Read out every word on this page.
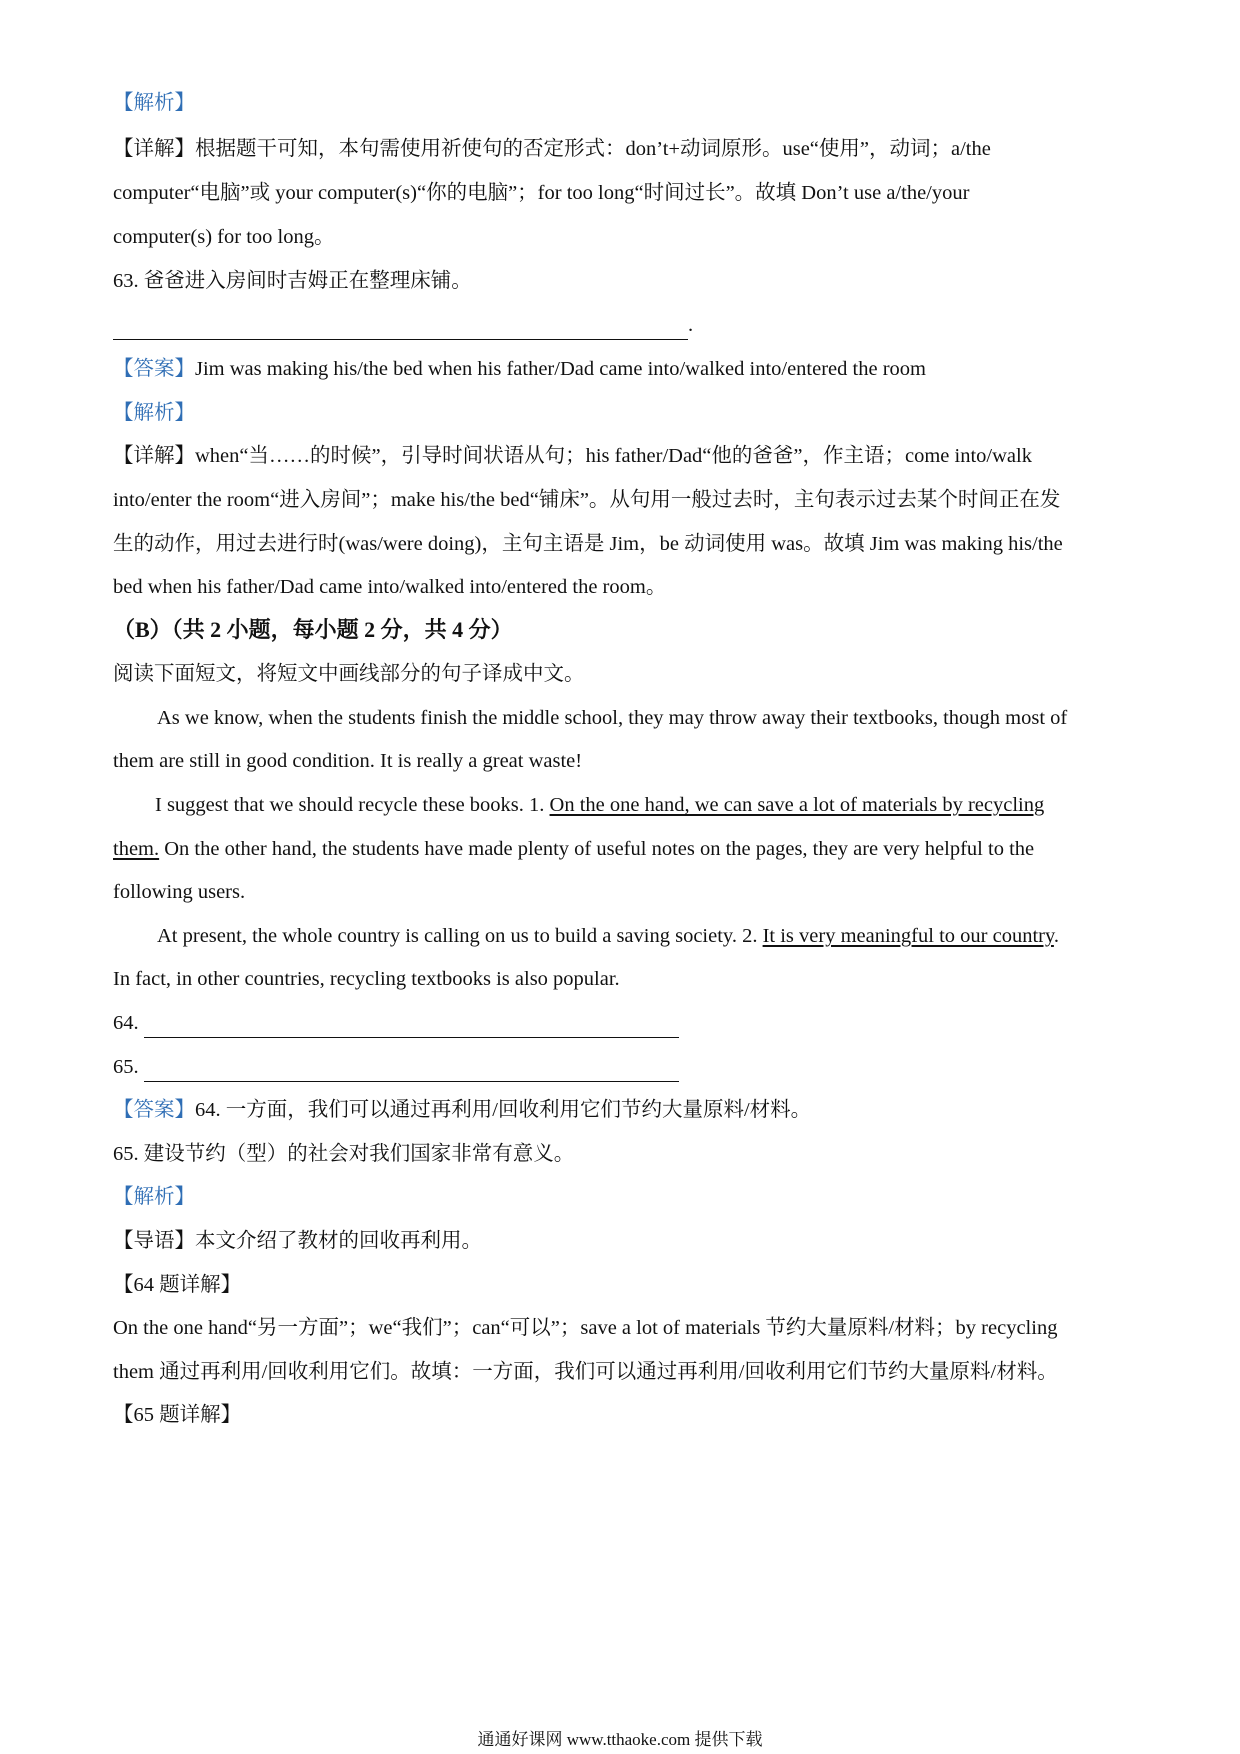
【解析】
【详解】根据题干可知，本句需使用祈使句的否定形式：don’t+动词原形。use“使用”，动词；a/the
computer“电脑”或 your computer(s)“你的电脑”；for too long“时间过长”。故填 Don’t use a/the/your
computer(s) for too long。
63. 爸爸进入房间时吉姆正在整理床铺。
.
【答案】Jim was making his/the bed when his father/Dad came into/walked into/entered the room
【解析】
【详解】when“当……的时候”，引导时间状语从句；his father/Dad“他的爸爸”，作主语；come into/walk
into/enter the room“进入房间”；make his/the bed“铺床”。从句用一般过去时，主句表示过去某个时间正在发
生的动作，用过去进行时(was/were doing)，主句主语是 Jim，be 动词使用 was。故填 Jim was making his/the
bed when his father/Dad came into/walked into/entered the room。
（B）（共 2 小题，每小题 2 分，共 4 分）
阅读下面短文，将短文中画线部分的句子译成中文。
As we know, when the students finish the middle school, they may throw away their textbooks, though most of
them are still in good condition. It is really a great waste!
I suggest that we should recycle these books. 1. On the one hand, we can save a lot of materials by recycling
them. On the other hand, the students have made plenty of useful notes on the pages, they are very helpful to the
following users.
At present, the whole country is calling on us to build a saving society. 2. It is very meaningful to our country.
In fact, in other countries, recycling textbooks is also popular.
64.
65.
【答案】64. 一方面，我们可以通过再利用/回收利用它们节约大量原料/材料。
65. 建设节约（型）的社会对我们国家非常有意义。
【解析】
【导语】本文介绍了教材的回收再利用。
【64 题详解】
On the one hand“另一方面”；we“我们”；can“可以”；save a lot of materials 节约大量原料/材料；by recycling
them 通过再利用/回收利用它们。故填：一方面，我们可以通过再利用/回收利用它们节约大量原料/材料。
【65 题详解】
通通好课网 www.tthaoke.com 提供下载
